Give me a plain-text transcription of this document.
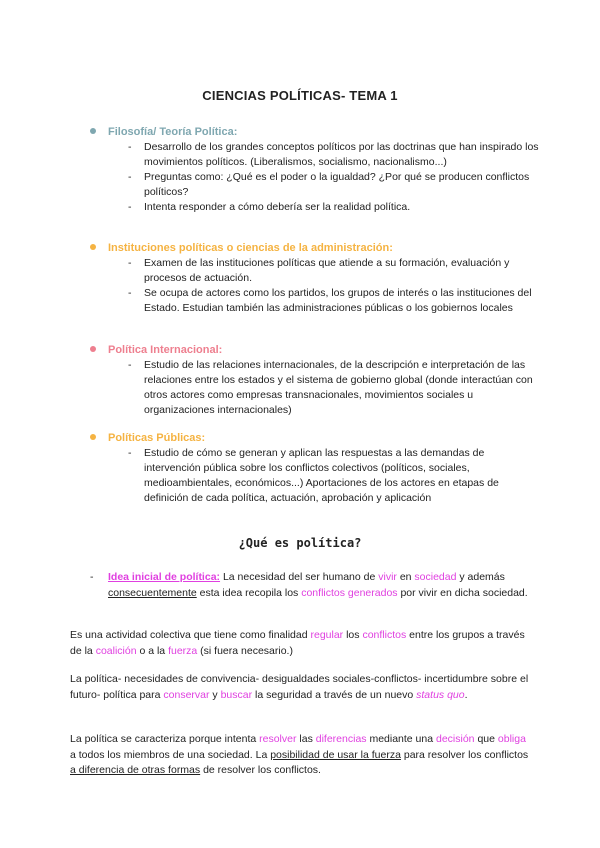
CIENCIAS POLÍTICAS- TEMA 1
Filosofía/ Teoría Política:
- Desarrollo de los grandes conceptos políticos por las doctrinas que han inspirado los movimientos políticos. (Liberalismos, socialismo, nacionalismo...)
- Preguntas como: ¿Qué es el poder o la igualdad? ¿Por qué se producen conflictos políticos?
- Intenta responder a cómo debería ser la realidad política.
Instituciones políticas o ciencias de la administración:
- Examen de las instituciones políticas que atiende a su formación, evaluación y procesos de actuación.
- Se ocupa de actores como los partidos, los grupos de interés o las instituciones del Estado. Estudian también las administraciones públicas o los gobiernos locales
Política Internacional:
- Estudio de las relaciones internacionales, de la descripción e interpretación de las relaciones entre los estados y el sistema de gobierno global (donde interactúan con otros actores como empresas transnacionales, movimientos sociales u organizaciones internacionales)
Políticas Públicas:
- Estudio de cómo se generan y aplican las respuestas a las demandas de intervención pública sobre los conflictos colectivos (políticos, sociales, medioambientales, económicos...) Aportaciones de los actores en etapas de definición de cada política, actuación, aprobación y aplicación
¿Qué es política?
- Idea inicial de política: La necesidad del ser humano de vivir en sociedad y además consecuentemente esta idea recopila los conflictos generados por vivir en dicha sociedad.
Es una actividad colectiva que tiene como finalidad regular los conflictos entre los grupos a través de la coalición o a la fuerza (si fuera necesario.)
La política- necesidades de convivencia- desigualdades sociales-conflictos- incertidumbre sobre el futuro- política para conservar y buscar la seguridad a través de un nuevo status quo.
La política se caracteriza porque intenta resolver las diferencias mediante una decisión que obliga a todos los miembros de una sociedad. La posibilidad de usar la fuerza para resolver los conflictos a diferencia de otras formas de resolver los conflictos.
